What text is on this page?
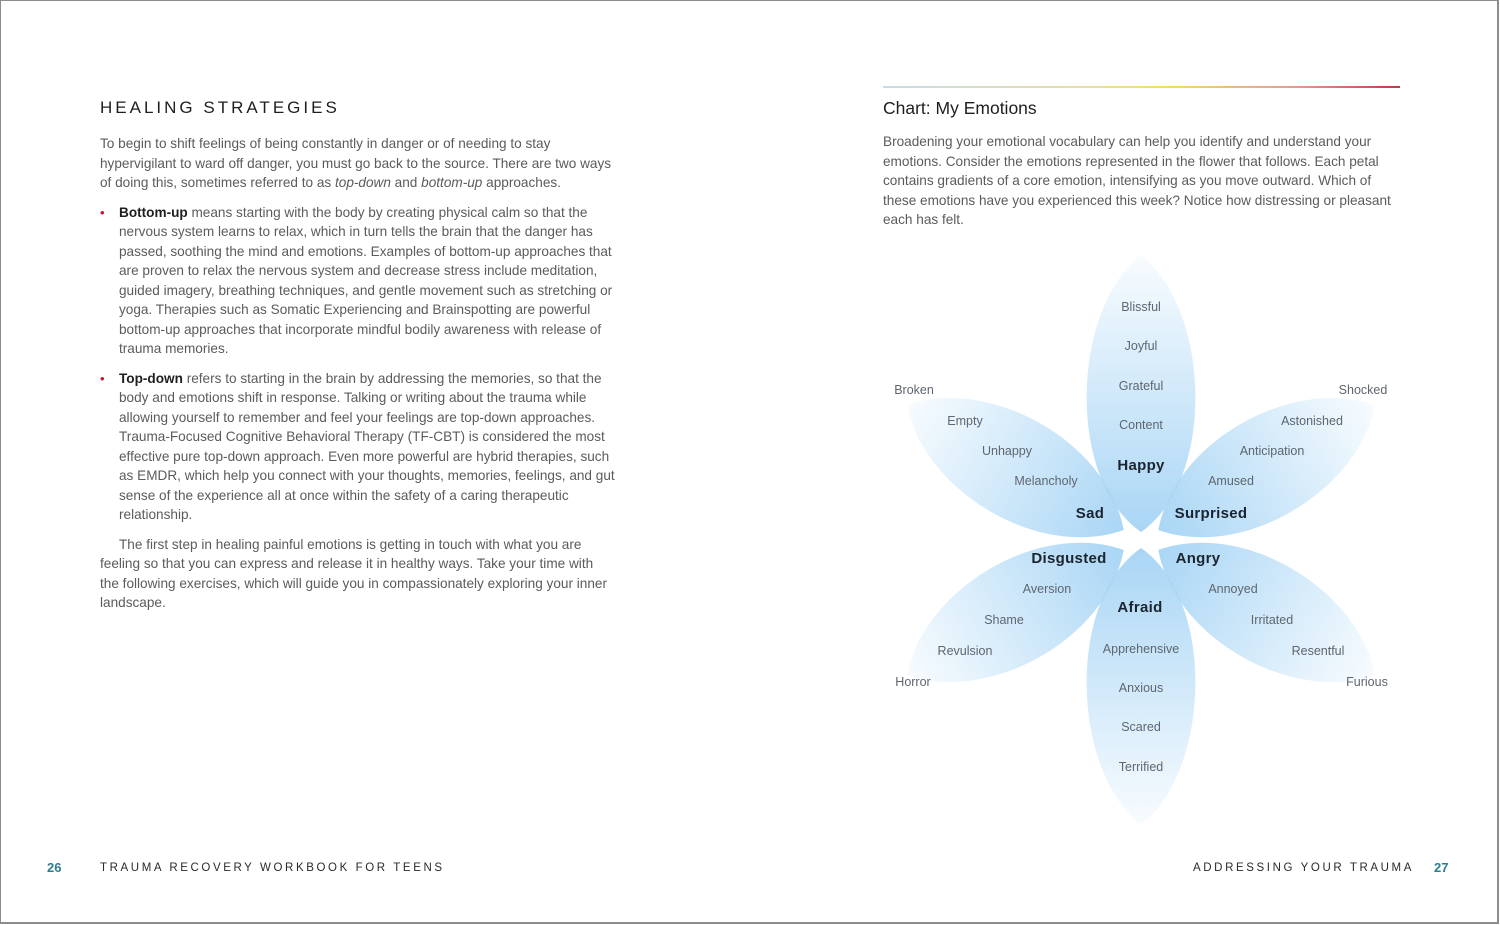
HEALING STRATEGIES

To begin to shift feelings of being constantly in danger or of needing to stay hypervigilant to ward off danger, you must go back to the source. There are two ways of doing this, sometimes referred to as top-down and bottom-up approaches.

• Bottom-up means starting with the body by creating physical calm so that the nervous system learns to relax, which in turn tells the brain that the danger has passed, soothing the mind and emotions. Examples of bottom-up approaches that are proven to relax the nervous system and decrease stress include meditation, guided imagery, breathing techniques, and gentle movement such as stretching or yoga. Therapies such as Somatic Experiencing and Brainspotting are powerful bottom-up approaches that incorporate mindful bodily awareness with release of trauma memories.
• Top-down refers to starting in the brain by addressing the memories, so that the body and emotions shift in response. Talking or writing about the trauma while allowing yourself to remember and feel your feelings are top-down approaches. Trauma-Focused Cognitive Behavioral Therapy (TF-CBT) is considered the most effective pure top-down approach. Even more powerful are hybrid therapies, such as EMDR, which help you connect with your thoughts, memories, feelings, and gut sense of the experience all at once within the safety of a caring therapeutic relationship.

The first step in healing painful emotions is getting in touch with what you are feeling so that you can express and release it in healthy ways. Take your time with the following exercises, which will guide you in compassionately exploring your inner landscape.

Chart: My Emotions

Broadening your emotional vocabulary can help you identify and understand your emotions. Consider the emotions represented in the flower that follows. Each petal contains gradients of a core emotion, intensifying as you move outward. Which of these emotions have you experienced this week? Notice how distressing or pleasant each has felt.

Blissful
Joyful
Grateful
Content
Happy
Shocked
Astonished
Anticipation
Amused
Surprised
Broken
Empty
Unhappy
Melancholy
Sad
Disgusted
Aversion
Shame
Revulsion
Horror
Angry
Annoyed
Irritated
Resentful
Furious
Afraid
Apprehensive
Anxious
Scared
Terrified
26	TRAUMA RECOVERY WORKBOOK FOR TEENS	ADDRESSING YOUR TRAUMA 27
